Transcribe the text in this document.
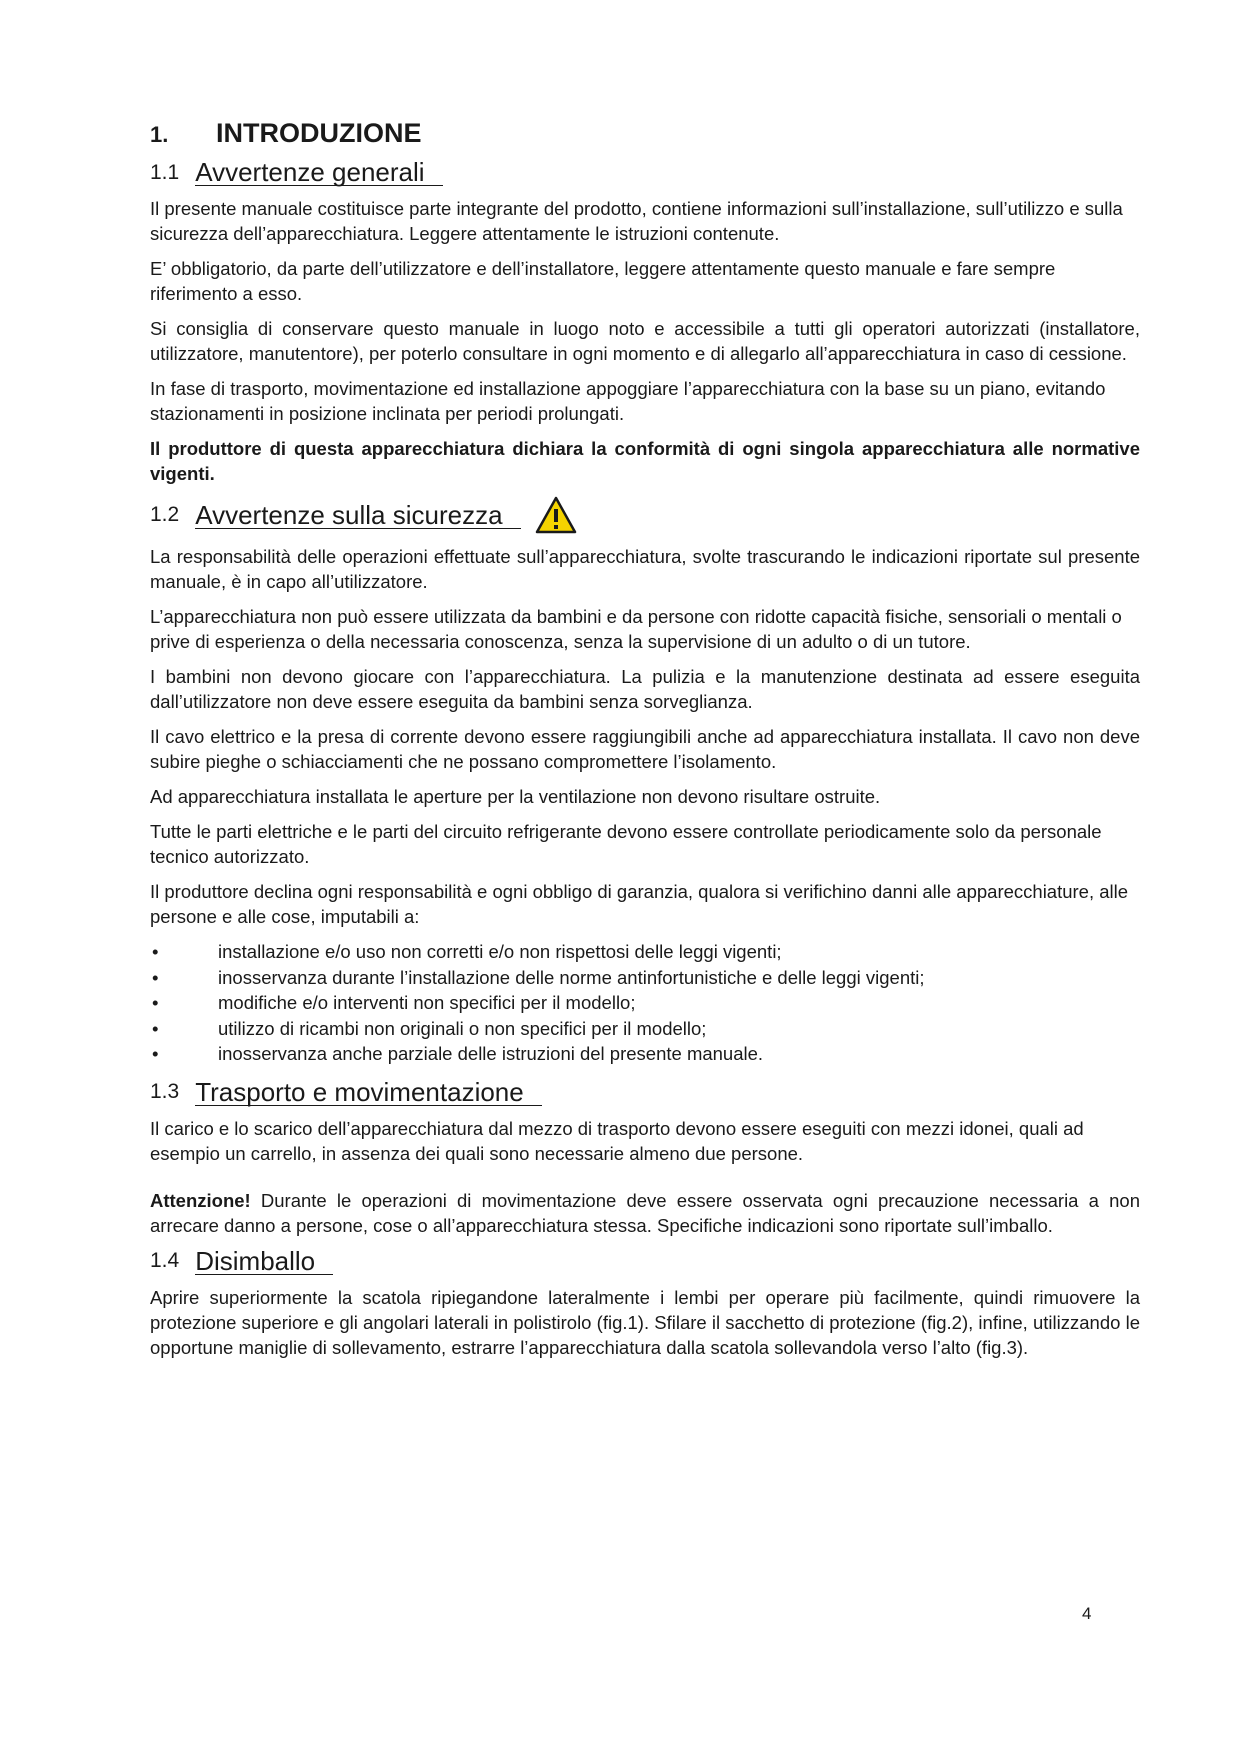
1.	INTRODUZIONE
1.1 Avvertenze generali

Il presente manuale costituisce parte integrante del prodotto, contiene informazioni sull’installazione, sull’utilizzo e sulla sicurezza dell’apparecchiatura. Leggere attentamente le istruzioni contenute.

E’ obbligatorio, da parte dell’utilizzatore e dell’installatore, leggere attentamente questo manuale e fare sempre riferimento a esso.

Si consiglia di conservare questo manuale in luogo noto e accessibile a tutti gli operatori autorizzati (installatore, utilizzatore, manutentore), per poterlo consultare in ogni momento e di allegarlo all’apparecchiatura in caso di cessione.

In fase di trasporto, movimentazione ed installazione appoggiare l’apparecchiatura con la base su un piano, evitando stazionamenti in posizione inclinata per periodi prolungati.

Il produttore di questa apparecchiatura dichiara la conformità di ogni singola apparecchiatura alle normative vigenti.

1.2 Avvertenze sulla sicurezza

La responsabilità delle operazioni effettuate sull’apparecchiatura, svolte trascurando le indicazioni riportate sul presente manuale, è in capo all’utilizzatore.

L’apparecchiatura non può essere utilizzata da bambini e da persone con ridotte capacità fisiche, sensoriali o mentali o prive di esperienza o della necessaria conoscenza, senza la supervisione di un adulto o di un tutore.

I bambini non devono giocare con l’apparecchiatura. La pulizia e la manutenzione destinata ad essere eseguita dall’utilizzatore non deve essere eseguita da bambini senza sorveglianza.

Il cavo elettrico e la presa di corrente devono essere raggiungibili anche ad apparecchiatura installata. Il cavo non deve subire pieghe o schiacciamenti che ne possano compromettere l’isolamento.

Ad apparecchiatura installata le aperture per la ventilazione non devono risultare ostruite.

Tutte le parti elettriche e le parti del circuito refrigerante devono essere controllate periodicamente solo da personale tecnico autorizzato.

Il produttore declina ogni responsabilità e ogni obbligo di garanzia, qualora si verifichino danni alle apparecchiature, alle persone e alle cose, imputabili a:

•	installazione e/o uso non corretti e/o non rispettosi delle leggi vigenti;
•	inosservanza durante l’installazione delle norme antinfortunistiche e delle leggi vigenti;
•	modifiche e/o interventi non specifici per il modello;
•	utilizzo di ricambi non originali o non specifici per il modello;
•	inosservanza anche parziale delle istruzioni del presente manuale.
1.3 Trasporto e movimentazione

Il carico e lo scarico dell’apparecchiatura dal mezzo di trasporto devono essere eseguiti con mezzi idonei, quali ad esempio un carrello, in assenza dei quali sono necessarie almeno due persone.

Attenzione! Durante le operazioni di movimentazione deve essere osservata ogni precauzione necessaria a non arrecare danno a persone, cose o all’apparecchiatura stessa. Specifiche indicazioni sono riportate sull’imballo.

1.4 Disimballo

Aprire superiormente la scatola ripiegandone lateralmente i lembi per operare più facilmente, quindi rimuovere la protezione superiore e gli angolari laterali in polistirolo (fig.1). Sfilare il sacchetto di protezione (fig.2), infine, utilizzando le opportune maniglie di sollevamento, estrarre l’apparecchiatura dalla scatola sollevandola verso l’alto (fig.3).

4
